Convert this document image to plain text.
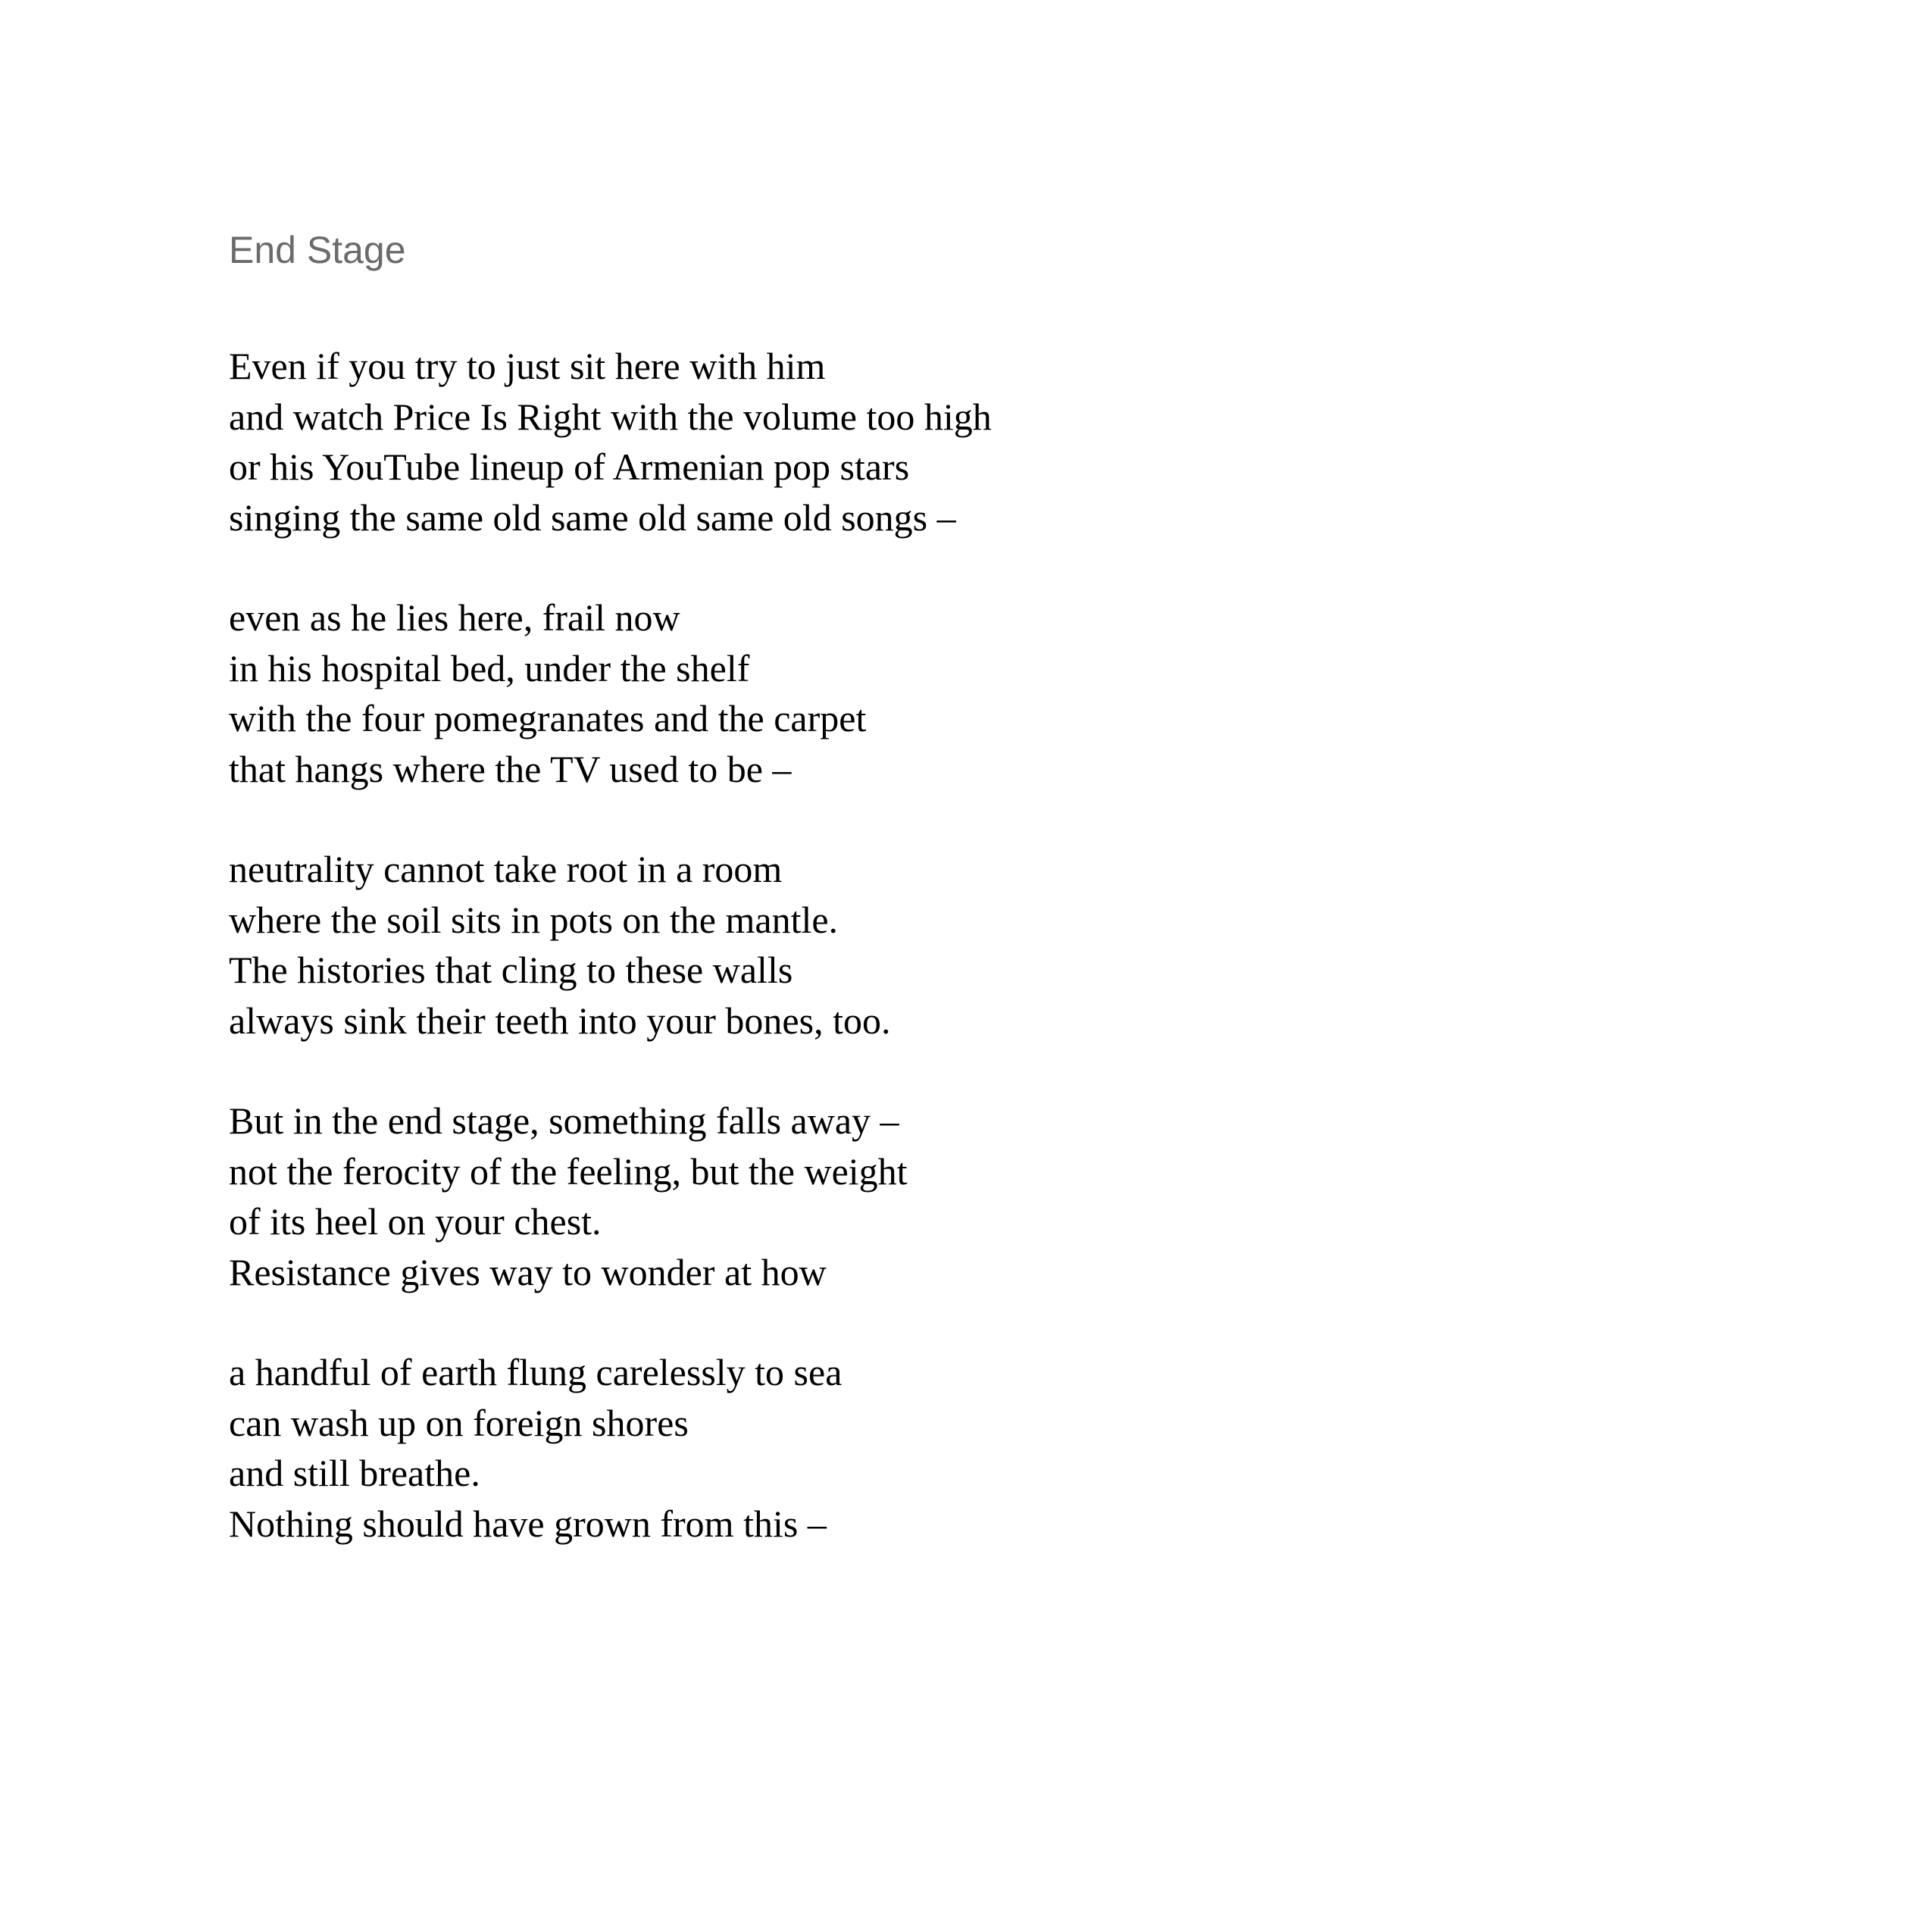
End Stage
Even if you try to just sit here with him
and watch Price Is Right with the volume too high
or his YouTube lineup of Armenian pop stars
singing the same old same old same old songs –
even as he lies here, frail now
in his hospital bed, under the shelf
with the four pomegranates and the carpet
that hangs where the TV used to be –
neutrality cannot take root in a room
where the soil sits in pots on the mantle.
The histories that cling to these walls
always sink their teeth into your bones, too.
But in the end stage, something falls away –
not the ferocity of the feeling, but the weight
of its heel on your chest.
Resistance gives way to wonder at how
a handful of earth flung carelessly to sea
can wash up on foreign shores
and still breathe.
Nothing should have grown from this –
